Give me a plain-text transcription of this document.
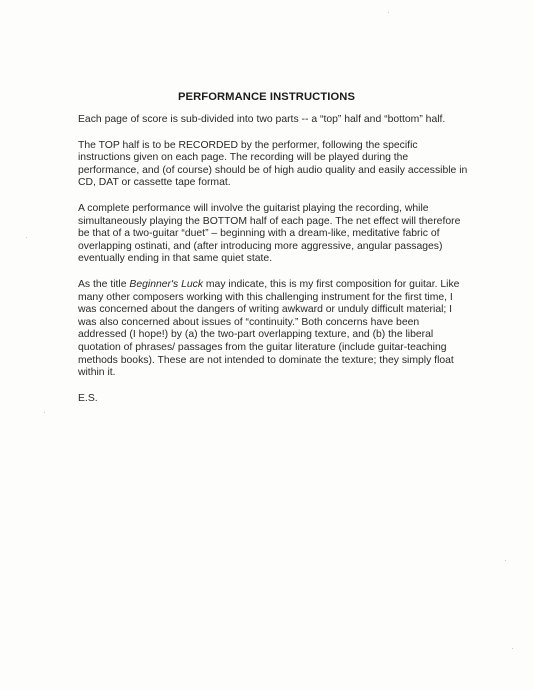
PERFORMANCE INSTRUCTIONS

Each page of score is sub-divided into two parts -- a “top” half and “bottom” half.

The TOP half is to be RECORDED by the performer, following the specific instructions given on each page. The recording will be played during the performance, and (of course) should be of high audio quality and easily accessible in CD, DAT or cassette tape format.

A complete performance will involve the guitarist playing the recording, while simultaneously playing the BOTTOM half of each page. The net effect will therefore be that of a two-guitar “duet” – beginning with a dream-like, meditative fabric of overlapping ostinati, and (after introducing more aggressive, angular passages) eventually ending in that same quiet state.

As the title Beginner's Luck may indicate, this is my first composition for guitar. Like many other composers working with this challenging instrument for the first time, I was concerned about the dangers of writing awkward or unduly difficult material; I was also concerned about issues of “continuity.” Both concerns have been addressed (I hope!) by (a) the two-part overlapping texture, and (b) the liberal quotation of phrases/ passages from the guitar literature (include guitar-teaching methods books). These are not intended to dominate the texture; they simply float within it.

E.S.
